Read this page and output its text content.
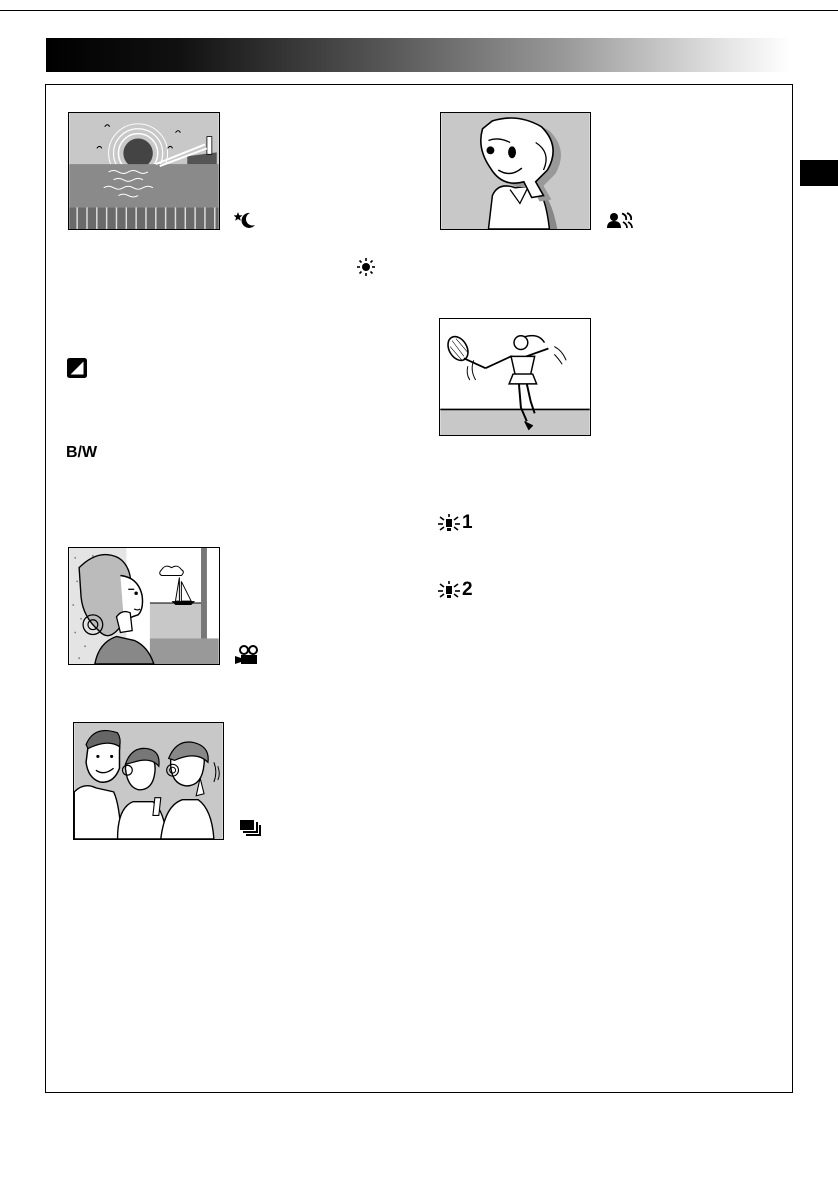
B/W
1
2
